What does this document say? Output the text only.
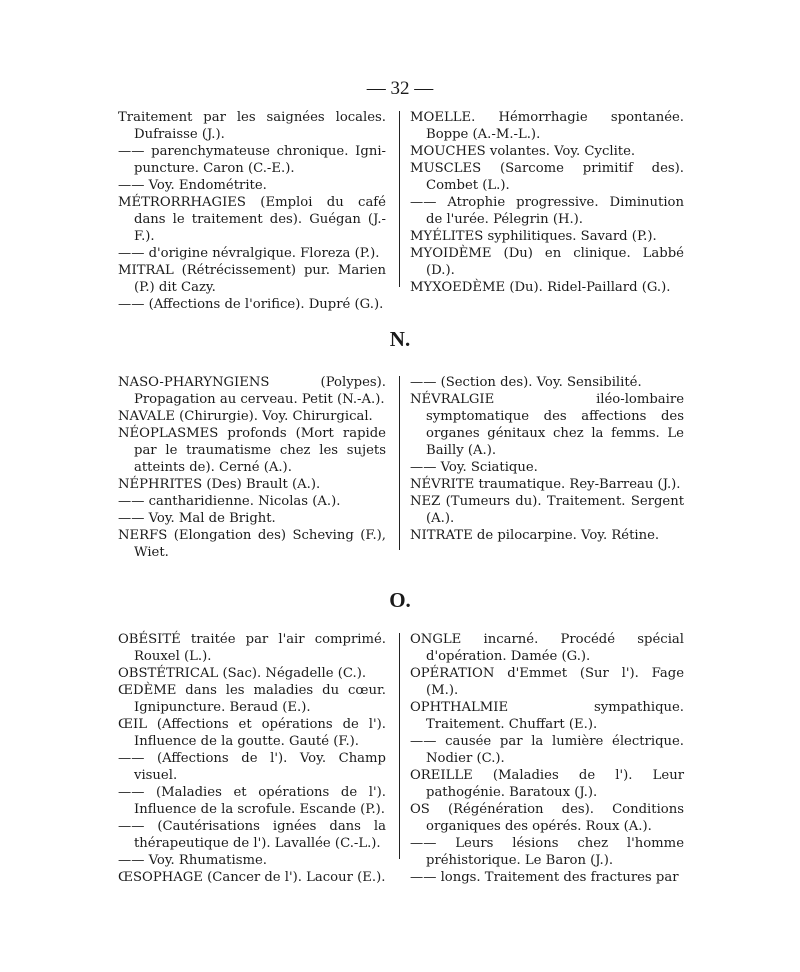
— 32 —

Traitement par les saignées locales. Dufraisse (J.).

—— parenchymateuse chronique. Igni-puncture. Caron (C.-E.).

—— Voy. Endométrite.

MÉTRORRHAGIES (Emploi du café dans le traitement des). Guégan (J.-F.).

—— d'origine névralgique. Floreza (P.).

MITRAL (Rétrécissement) pur. Marien (P.) dit Cazy.

—— (Affections de l'orifice). Dupré (G.).

MOELLE. Hémorrhagie spontanée. Boppe (A.-M.-L.).

MOUCHES volantes. Voy. Cyclite.

MUSCLES (Sarcome primitif des). Combet (L.).

—— Atrophie progressive. Diminution de l'urée. Pélegrin (H.).

MYÉLITES syphilitiques. Savard (P.).

MYOIDÈME (Du) en clinique. Labbé (D.).

MYXOEDÈME (Du). Ridel-Paillard (G.).

N.

NASO-PHARYNGIENS (Polypes). Propagation au cerveau. Petit (N.-A.).

NAVALE (Chirurgie). Voy. Chirurgical.

NÉOPLASMES profonds (Mort rapide par le traumatisme chez les sujets atteints de). Cerné (A.).

NÉPHRITES (Des) Brault (A.).

—— cantharidienne. Nicolas (A.).

—— Voy. Mal de Bright.

NERFS (Elongation des) Scheving (F.), Wiet.

—— (Section des). Voy. Sensibilité.

NÉVRALGIE iléo-lombaire symptomatique des affections des organes génitaux chez la femms. Le Bailly (A.).

—— Voy. Sciatique.

NÉVRITE traumatique. Rey-Barreau (J.).

NEZ (Tumeurs du). Traitement. Sergent (A.).

NITRATE de pilocarpine. Voy. Rétine.

O.

OBÉSITÉ traitée par l'air comprimé. Rouxel (L.).

OBSTÉTRICAL (Sac). Négadelle (C.).

ŒDÈME dans les maladies du cœur. Ignipuncture. Beraud (E.).

ŒIL (Affections et opérations de l'). Influence de la goutte. Gauté (F.).

—— (Affections de l'). Voy. Champ visuel.

—— (Maladies et opérations de l'). Influence de la scrofule. Escande (P.).

—— (Cautérisations ignées dans la thérapeutique de l'). Lavallée (C.-L.).

—— Voy. Rhumatisme.

ŒSOPHAGE (Cancer de l'). Lacour (E.).

ONGLE incarné. Procédé spécial d'opération. Damée (G.).

OPÉRATION d'Emmet (Sur l'). Fage (M.).

OPHTHALMIE sympathique. Traitement. Chuffart (E.).

—— causée par la lumière électrique. Nodier (C.).

OREILLE (Maladies de l'). Leur pathogénie. Baratoux (J.).

OS (Régénération des). Conditions organiques des opérés. Roux (A.).

—— Leurs lésions chez l'homme préhistorique. Le Baron (J.).

—— longs. Traitement des fractures par
